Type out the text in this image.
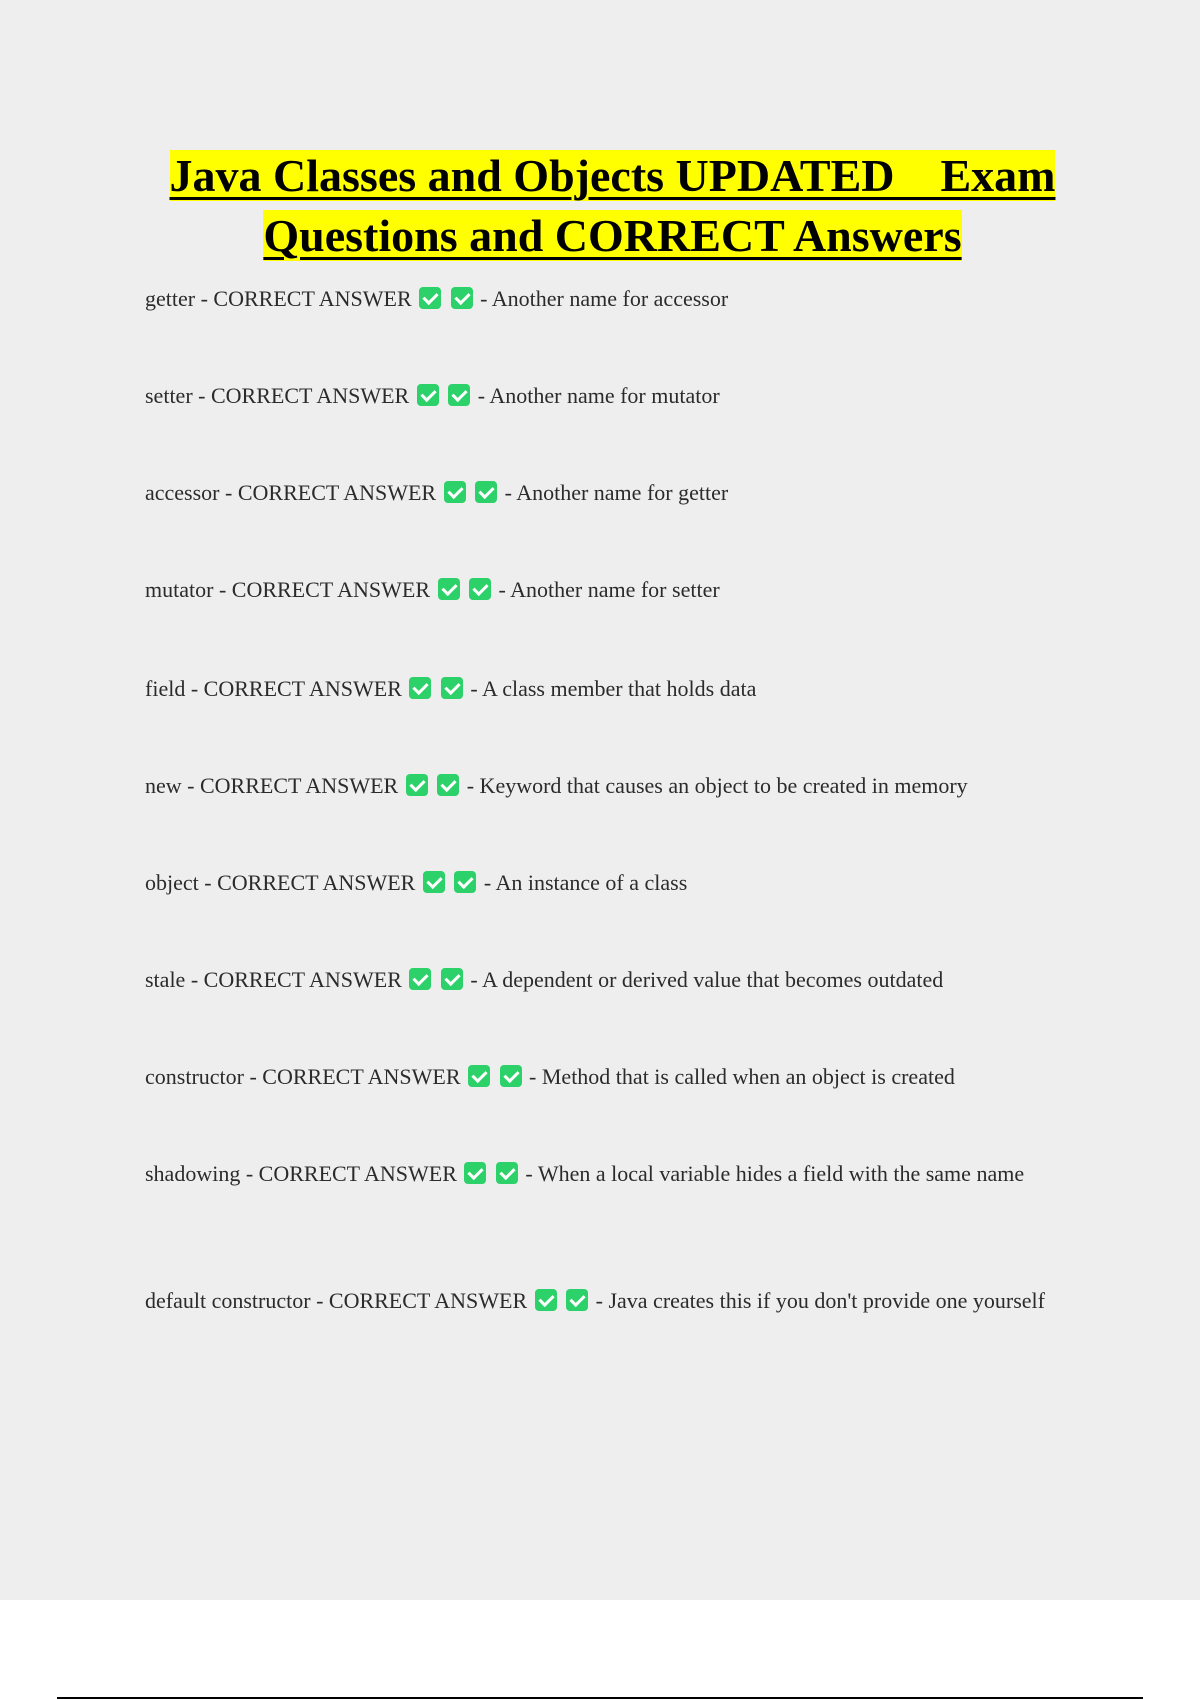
Java Classes and Objects UPDATED    Exam
Questions and CORRECT Answers
getter - CORRECT ANSWER	- Another name for accessor
setter - CORRECT ANSWER	- Another name for mutator
accessor - CORRECT ANSWER	- Another name for getter
mutator - CORRECT ANSWER	- Another name for setter
field - CORRECT ANSWER	- A class member that holds data
new - CORRECT ANSWER	- Keyword that causes an object to be created in memory
object - CORRECT ANSWER	- An instance of a class
stale - CORRECT ANSWER	- A dependent or derived value that becomes outdated
constructor - CORRECT ANSWER	- Method that is called when an object is created
shadowing - CORRECT ANSWER	- When a local variable hides a field with the same name
default constructor - CORRECT ANSWER	- Java creates this if you don't provide one yourself
